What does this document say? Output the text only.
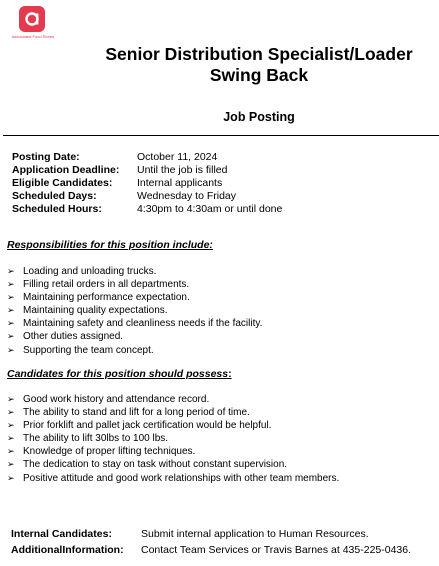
Associated Food Stores
Senior Distribution Specialist/Loader
Swing Back
Job Posting
Posting Date:	October 11, 2024
Application Deadline:	Until the job is filled
Eligible Candidates:	Internal applicants
Scheduled Days:	Wednesday to Friday
Scheduled Hours:	4:30pm to 4:30am or until done
Responsibilities for this position include:
➢ Loading and unloading trucks.
➢ Filling retail orders in all departments.
➢ Maintaining performance expectation.
➢ Maintaining quality expectations.
➢ Maintaining safety and cleanliness needs if the facility.
➢ Other duties assigned.
➢ Supporting the team concept.
Candidates for this position should possess:
➢ Good work history and attendance record.
➢ The ability to stand and lift for a long period of time.
➢ Prior forklift and pallet jack certification would be helpful.
➢ The ability to lift 30lbs to 100 lbs.
➢ Knowledge of proper lifting techniques.
➢ The dedication to stay on task without constant supervision.
➢ Positive attitude and good work relationships with other team members.
Internal Candidates:	Submit internal application to Human Resources.
AdditionalInformation:	Contact Team Services or Travis Barnes at 435-225-0436.
